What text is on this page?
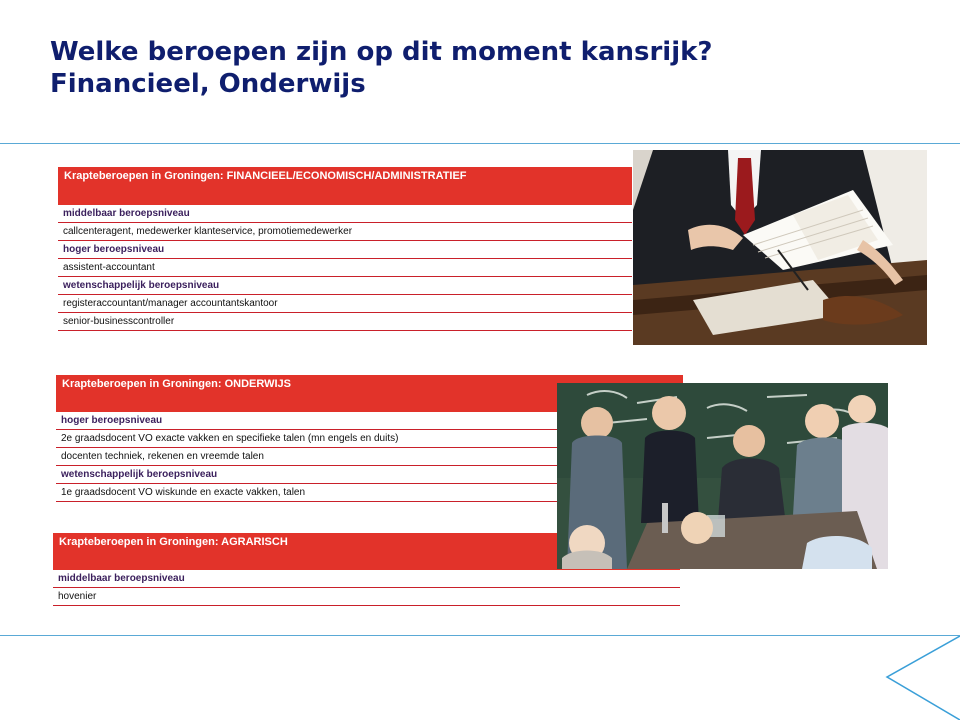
Welke beroepen zijn op dit moment kansrijk?
Financieel, Onderwijs
Krapteberoepen in Groningen: FINANCIEEL/ECONOMISCH/ADMINISTRATIEF
middelbaar beroepsniveau
callcenteragent, medewerker klanteservice, promotiemedewerker
hoger beroepsniveau
assistent-accountant
wetenschappelijk beroepsniveau
registeraccountant/manager accountantskantoor
senior-businesscontroller
Krapteberoepen in Groningen: ONDERWIJS
hoger beroepsniveau
2e graadsdocent VO exacte vakken en specifieke talen (mn engels en duits)
docenten techniek, rekenen en vreemde talen
wetenschappelijk beroepsniveau
1e graadsdocent VO wiskunde en exacte vakken, talen
Krapteberoepen in Groningen: AGRARISCH
middelbaar beroepsniveau
hovenier
